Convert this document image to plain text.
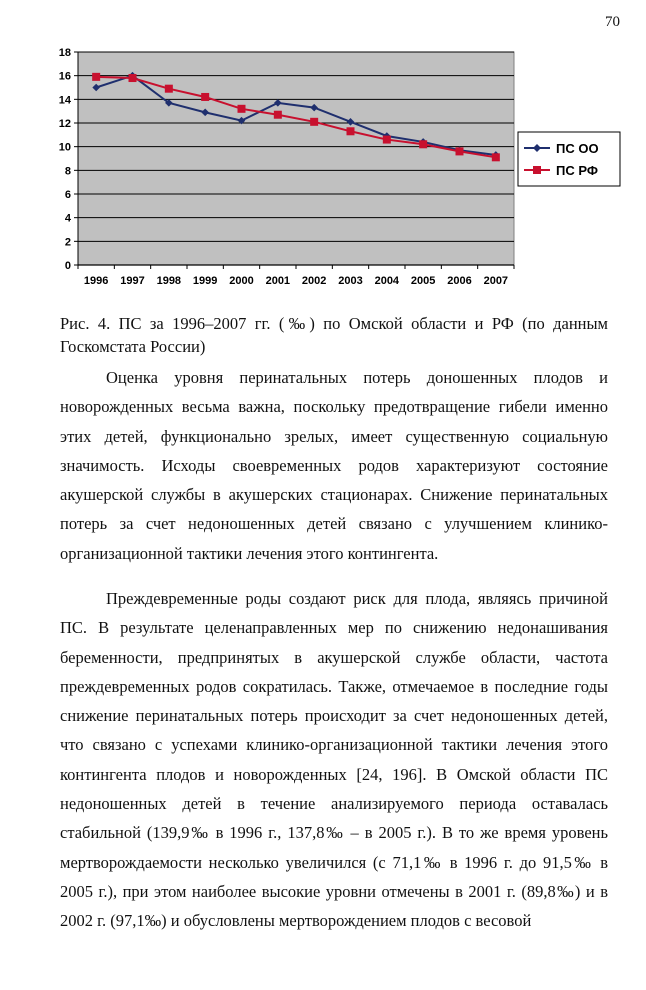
70
0
2
4
6
8
10
12
14
16
18
1996 1997 1998 1999 2000 2001 2002 2003 2004 2005 2006 2007
ПС ОО
ПС РФ
Рис. 4. ПС за 1996–2007 гг. (‰) по Омской области и РФ (по данным Госкомстата России)

Оценка уровня перинатальных потерь доношенных плодов и новорожденных весьма важна, поскольку предотвращение гибели именно этих детей, функционально зрелых, имеет существенную социальную значимость. Исходы своевременных родов характеризуют состояние акушерской службы в акушерских стационарах. Снижение перинатальных потерь за счет недоношенных детей связано с улучшением клинико-организационной тактики лечения этого контингента.

Преждевременные роды создают риск для плода, являясь причиной ПС. В результате целенаправленных мер по снижению недонашивания беременности, предпринятых в акушерской службе области, частота преждевременных родов сократилась. Также, отмечаемое в последние годы снижение перинатальных потерь происходит за счет недоношенных детей, что связано с успехами клинико-организационной тактики лечения этого контингента плодов и новорожденных [24, 196]. В Омской области ПС недоношенных детей в течение анализируемого периода оставалась стабильной (139,9‰ в 1996 г., 137,8‰ – в 2005 г.). В то же время уровень мертворождаемости несколько увеличился (с 71,1‰ в 1996 г. до 91,5‰ в 2005 г.), при этом наиболее высокие уровни отмечены в 2001 г. (89,8‰) и в 2002 г. (97,1‰) и обусловлены мертворождением плодов с весовой
